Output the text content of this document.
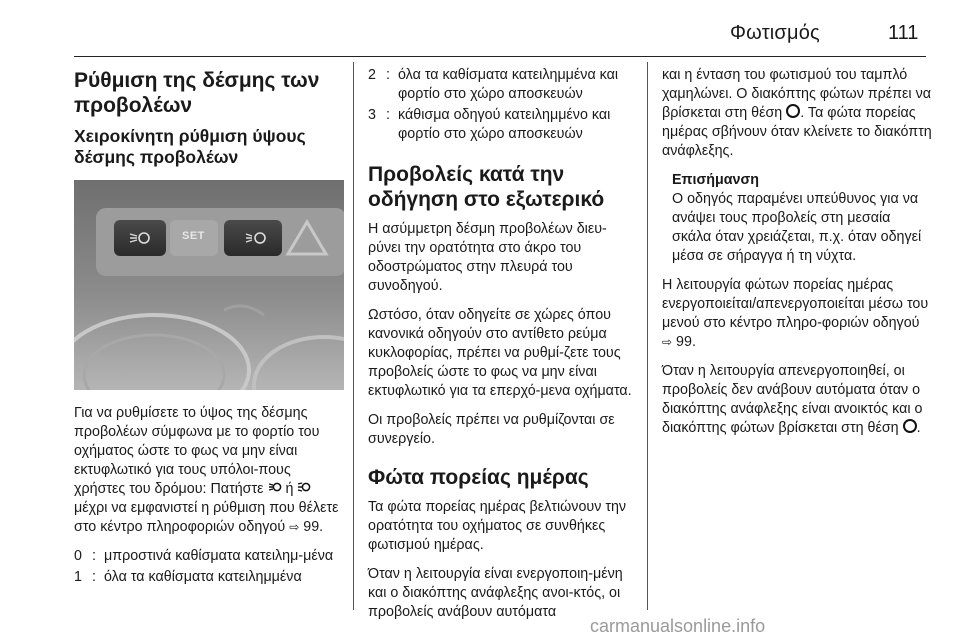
Φωτισμός	111
Ρύθμιση της δέσμης των προβολέων
Χειροκίνητη ρύθμιση ύψους δέσμης προβολέων
SET

Για να ρυθμίσετε το ύψος της δέσμης προβολέων σύμφωνα με το φορτίο του οχήματος ώστε το φως να μην είναι εκτυφλωτικό για τους υπόλοι-πους χρήστες του δρόμου: Πατήστε ή  μέχρι να εμφανιστεί η ρύθμιση που θέλετε στο κέντρο πληροφοριών οδηγού ⇨ 99.

0 : μπροστινά καθίσματα κατειλημ-μένα
1 : όλα τα καθίσματα κατειλημμένα
2 : όλα τα καθίσματα κατειλημμένα και φορτίο στο χώρο αποσκευών
3 : κάθισμα οδηγού κατειλημμένο και φορτίο στο χώρο αποσκευών
Προβολείς κατά την οδήγηση στο εξωτερικό

Η ασύμμετρη δέσμη προβολέων διευ-ρύνει την ορατότητα στο άκρο του οδοστρώματος στην πλευρά του συνοδηγού.

Ωστόσο, όταν οδηγείτε σε χώρες όπου κανονικά οδηγούν στο αντίθετο ρεύμα κυκλοφορίας, πρέπει να ρυθμί-ζετε τους προβολείς ώστε το φως να μην είναι εκτυφλωτικό για τα επερχό-μενα οχήματα.

Οι προβολείς πρέπει να ρυθμίζονται σε συνεργείο.

Φώτα πορείας ημέρας

Τα φώτα πορείας ημέρας βελτιώνουν την ορατότητα του οχήματος σε συνθήκες φωτισμού ημέρας.

Όταν η λειτουργία είναι ενεργοποιη-μένη και ο διακόπτης ανάφλεξης ανοι-κτός, οι προβολείς ανάβουν αυτόματα

και η ένταση του φωτισμού του ταμπλό χαμηλώνει. Ο διακόπτης φώτων πρέπει να βρίσκεται στη θέση . Τα φώτα πορείας ημέρας σβήνουν όταν κλείνετε το διακόπτη ανάφλεξης.

Επισήμανση

Ο οδηγός παραμένει υπεύθυνος για να ανάψει τους προβολείς στη μεσαία σκάλα όταν χρειάζεται, π.χ. όταν οδηγεί μέσα σε σήραγγα ή τη νύχτα.

Η λειτουργία φώτων πορείας ημέρας ενεργοποιείται/απενεργοποιείται μέσω του μενού στο κέντρο πληρο-φοριών οδηγού ⇨ 99.

Όταν η λειτουργία απενεργοποιηθεί, οι προβολείς δεν ανάβουν αυτόματα όταν ο διακόπτης ανάφλεξης είναι ανοικτός και ο διακόπτης φώτων βρίσκεται στη θέση .

carmanualsonline.info
